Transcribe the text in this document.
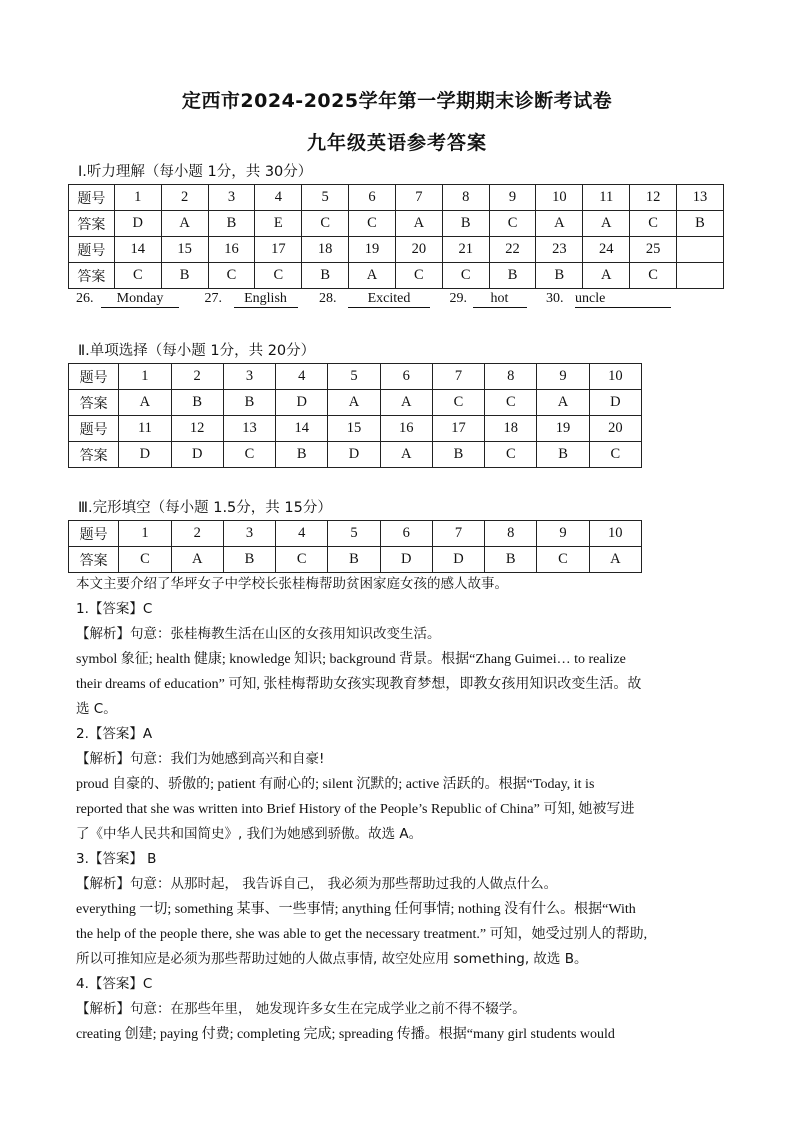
定西市2024-2025学年第一学期期末诊断考试卷
九年级英语参考答案
Ⅰ.听力理解（每小题 1分，共 30分）
题号	1	2	3	4	5	6	7	8	9	10	11	12	13
答案	D	A	B	E	C	C	A	B	C	A	A	C	B
题号	14	15	16	17	18	19	20	21	22	23	24	25	
答案	C	B	C	C	B	A	C	C	B	B	A	C	
26. Monday	27. English 28. Excited	29. hot	30. uncle
Ⅱ.单项选择（每小题 1分，共 20分）
题号	1	2	3	4	5	6	7	8	9	10
答案	A	B	B	D	A	A	C	C	A	D
题号	11	12	13	14	15	16	17	18	19	20
答案	D	D	C	B	D	A	B	C	B	C
Ⅲ.完形填空（每小题 1.5分，共 15分）
题号	1	2	3	4	5	6	7	8	9	10
答案	C	A	B	C	B	D	D	B	C	A
本文主要介绍了华坪女子中学校长张桂梅帮助贫困家庭女孩的感人故事。
1.【答案】C
【解析】句意：张桂梅教生活在山区的女孩用知识改变生活。
symbol 象征; health 健康; knowledge 知识; background 背景。根据“Zhang Guimei… to realize
their dreams of education” 可知, 张桂梅帮助女孩实现教育梦想，即教女孩用知识改变生活。故
选 C。
2.【答案】A
【解析】句意：我们为她感到高兴和自豪!
proud 自豪的、骄傲的; patient 有耐心的; silent 沉默的; active 活跃的。根据“Today, it is
reported that she was written into Brief History of the People’s Republic of China” 可知, 她被写进
了《中华人民共和国简史》, 我们为她感到骄傲。故选 A。
3.【答案】 B
【解析】句意：从那时起， 我告诉自己， 我必须为那些帮助过我的人做点什么。
everything 一切; something 某事、一些事情; anything 任何事情; nothing 没有什么。根据“With
the help of the people there, she was able to get the necessary treatment.” 可知，她受过别人的帮助,
所以可推知应是必须为那些帮助过她的人做点事情, 故空处应用 something, 故选 B。
4.【答案】C
【解析】句意：在那些年里， 她发现许多女生在完成学业之前不得不辍学。
creating 创建; paying 付费; completing 完成; spreading 传播。根据“many girl students would
